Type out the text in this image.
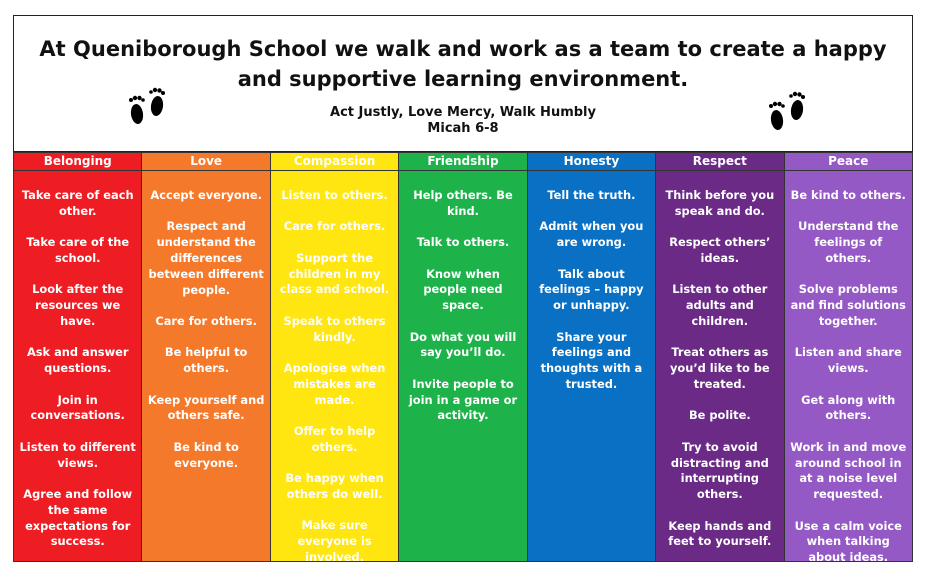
At Queniborough School we walk and work as a team to create a happy and supportive learning environment.
Act Justly, Love Mercy, Walk Humbly
Micah 6-8
Belonging

Take care of each other.

Take care of the school.

Look after the resources we have.

Ask and answer questions.

Join in conversations.

Listen to different views.

Agree and follow the same expectations for success.

Love

Accept everyone.

Respect and understand the differences between different people.

Care for others.

Be helpful to others.

Keep yourself and others safe.

Be kind to everyone.

Compassion

Listen to others.

Care for others.

Support the children in my class and school.

Speak to others kindly.

Apologise when mistakes are made.

Offer to help others.

Be happy when others do well.

Make sure everyone is involved.

Friendship

Help others. Be kind.

Talk to others.

Know when people need space.

Do what you will say you’ll do.

Invite people to join in a game or activity.

Honesty

Tell the truth.

Admit when you are wrong.

Talk about feelings – happy or unhappy.

Share your feelings and thoughts with a trusted.

Respect

Think before you speak and do.

Respect others’ ideas.

Listen to other adults and children.

Treat others as you’d like to be treated.

Be polite.

Try to avoid distracting and interrupting others.

Keep hands and feet to yourself.

Peace

Be kind to others.

Understand the feelings of others.

Solve problems and find solutions together.

Listen and share views.

Get along with others.

Work in and move around school in at a noise level requested.

Use a calm voice when talking about ideas.
